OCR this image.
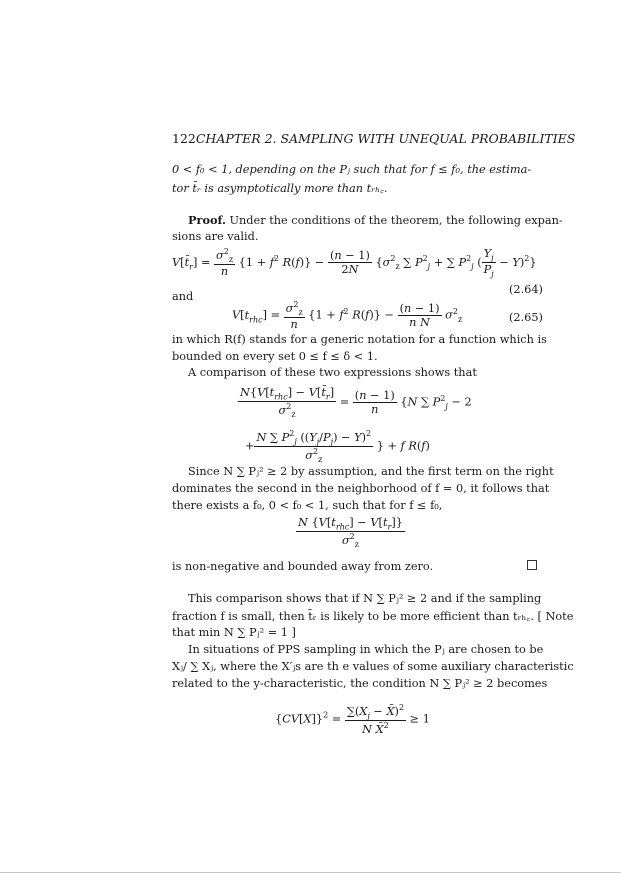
122CHAPTER 2. SAMPLING WITH UNEQUAL PROBABILITIES
0 < f₀ < 1, depending on the Pⱼ such that for f ≤ f₀, the estima-
tor t̄ᵣ is asymptotically more than tᵣₕ꜀.
Proof. Under the conditions of the theorem, the following expan-
sions are valid.
$V[t̄_r] = \frac{\sigma^2_z}{n} \{1 + f^2$ $R(f)\} - \frac{(n - 1)}{2N} \{\sigma^2_z$ ∑ $P^2_j$ + ∑ $P^2_j$ ( $\frac{Y_j}{P_j} - Y)^2$}
(2.64)
and
$V[t_{rhc}] = \frac{\sigma^2_z}{n} \{1 + f^2$ $R(f)\} - \frac{(n - 1)}{\text{n N}} \sigma^2_z$	(2.65)
in which R(f) stands for a generic notation for a function which is
bounded on every set 0 ≤ f ≤ δ < 1.
A comparison of these two expressions shows that
$\frac{N\{V[t_{rhc}] - V[t̄_r]}{\sigma^2_z} = \frac{(n - 1)}{n} \{N$ ∑ $P^2_j - 2$
+ $\frac{N \sum P^2_j ((Y_j/P_j) - Y)^2}{\sigma^2_z}$ } + f R(f)
Since N ∑ Pⱼ² ≥ 2 by assumption, and the first term on the right
dominates the second in the neighborhood of f = 0, it follows that
there exists a f₀, 0 < f₀ < 1, such that for f ≤ f₀,
$\frac{N \{V[t_{rhc}] - V[t_r]\}}{\sigma^2_z}$
is non-negative and bounded away from zero.
This comparison shows that if N ∑ Pⱼ² ≥ 2 and if the sampling
fraction f is small, then t̄ᵣ is likely to be more efficient than tᵣₕ꜀. [ Note
that min N ∑ Pⱼ² = 1 ]
In situations of PPS sampling in which the Pⱼ are chosen to be
Xⱼ/ ∑ Xⱼ, where the X′ⱼs are th e values of some auxiliary characteristic
related to the y-characteristic, the condition N ∑ Pⱼ² ≥ 2 becomes
$\{CV[X]\}^2 = \frac{\sum(X_j - X̄)^2}{N X̄^2} \ge 1$
